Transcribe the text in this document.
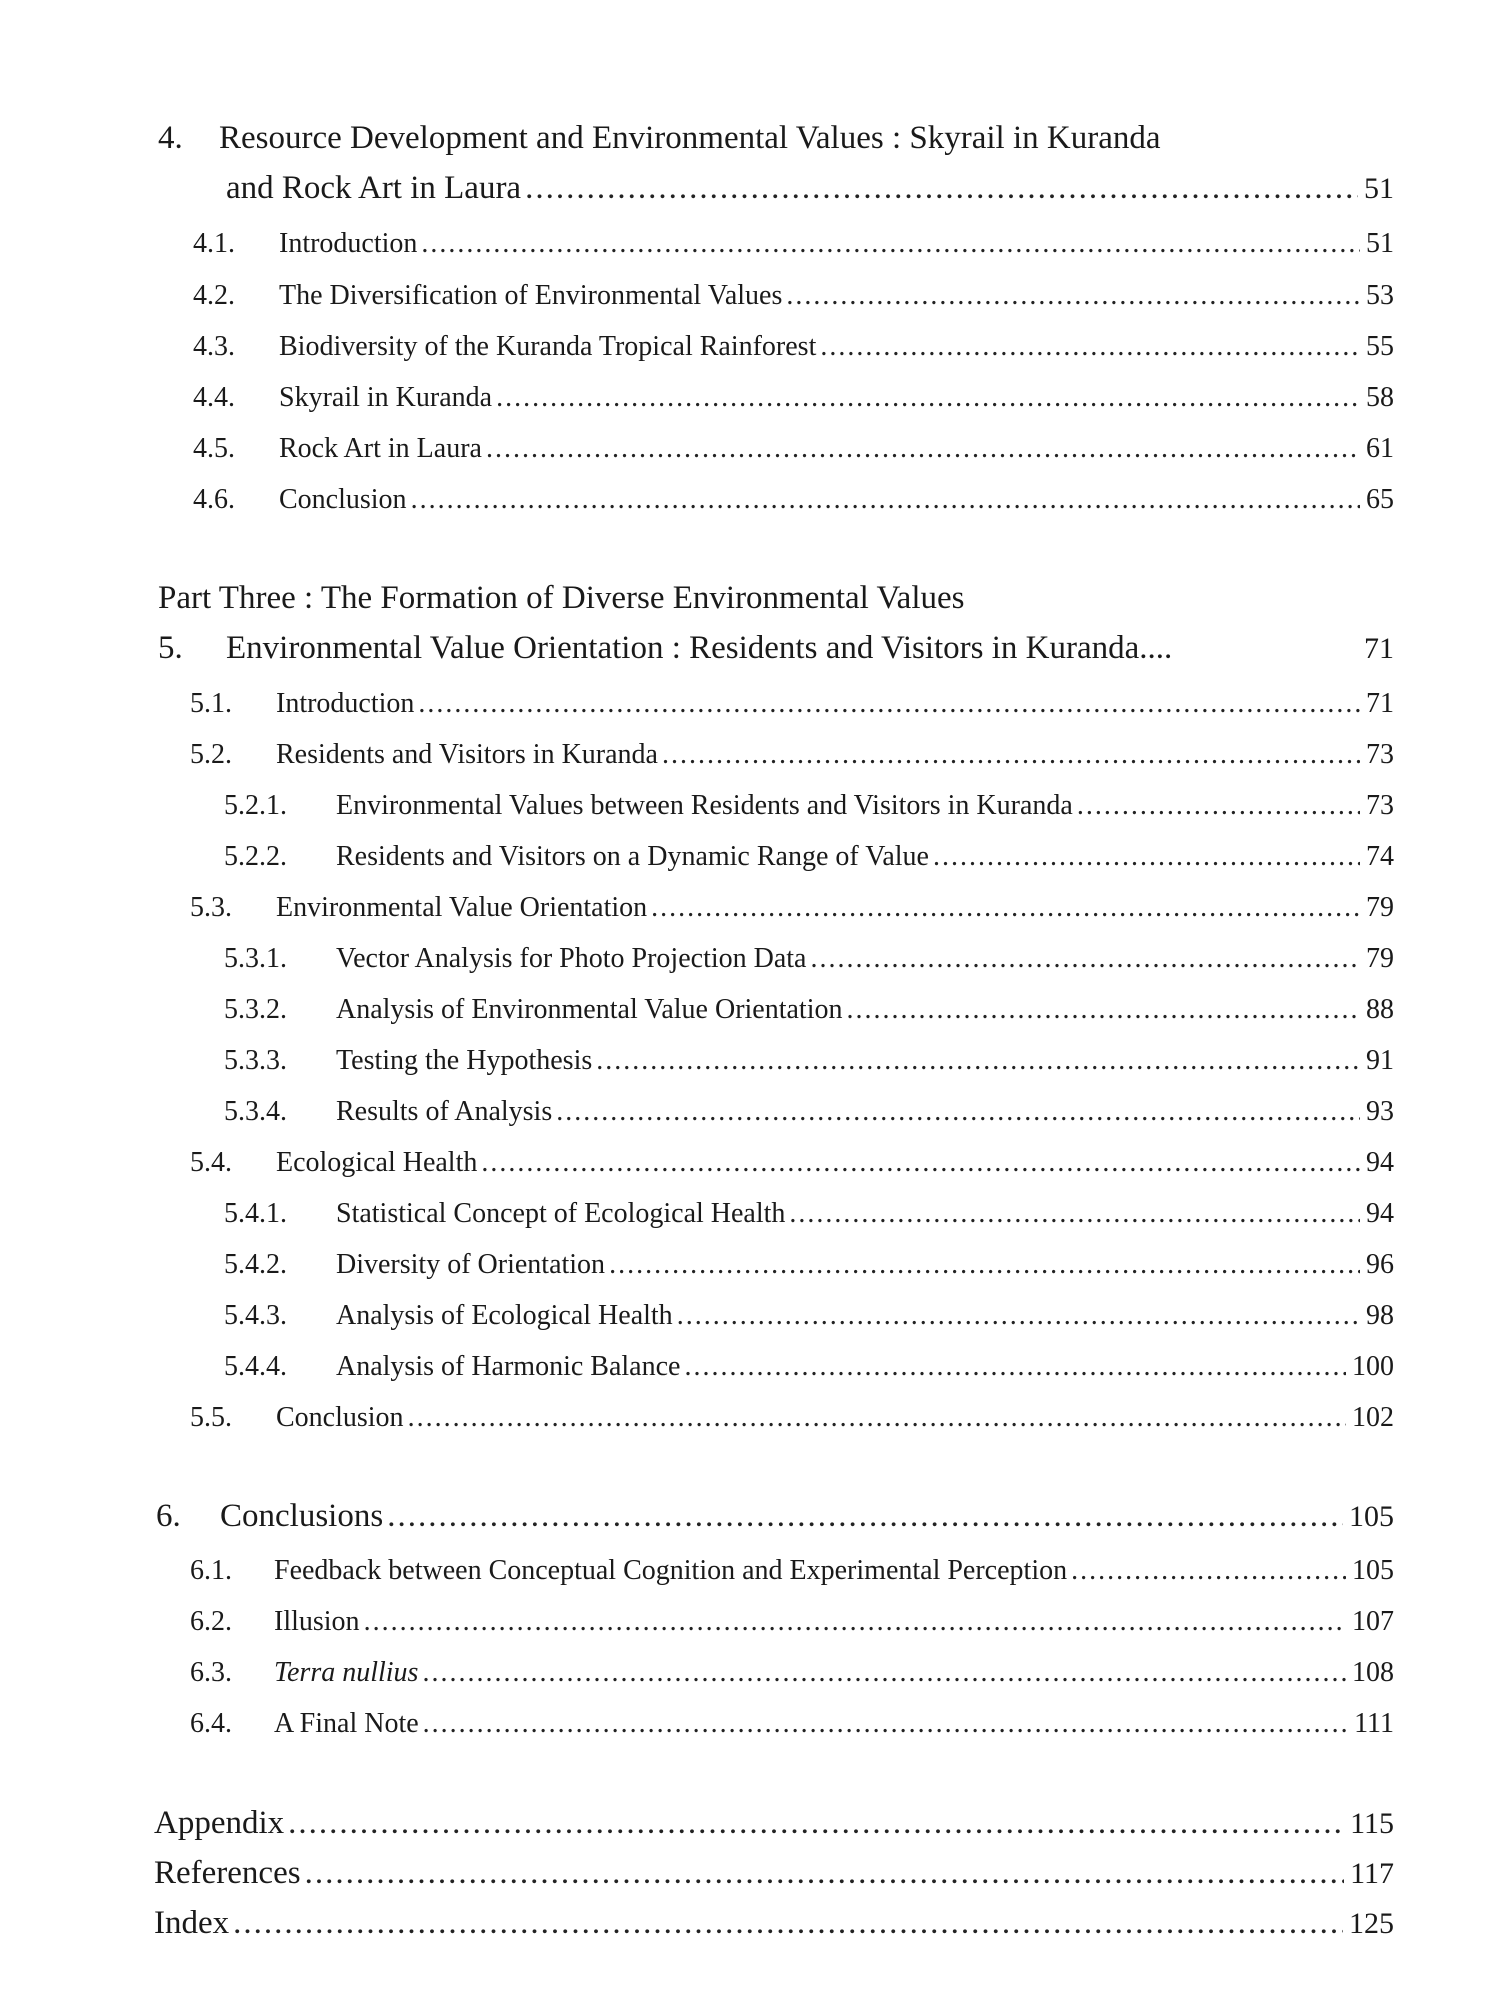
4. Resource Development and Environmental Values : Skyrail in Kuranda
and Rock Art in Laura .....	51
4.1.	Introduction .....	51
4.2.	The Diversification of Environmental Values .....	53
4.3.	Biodiversity of the Kuranda Tropical Rainforest .....	55
4.4.	Skyrail in Kuranda .....	58
4.5.	Rock Art in Laura .....	61
4.6.	Conclusion .....	65
Part Three : The Formation of Diverse Environmental Values
5.	Environmental Value Orientation : Residents and Visitors in Kuranda....	71
5.1.	Introduction .....	71
5.2.	Residents and Visitors in Kuranda .....	73
5.2.1.	Environmental Values between Residents and Visitors in Kuranda .....	73
5.2.2.	Residents and Visitors on a Dynamic Range of Value .....	74
5.3.	Environmental Value Orientation .....	79
5.3.1.	Vector Analysis for Photo Projection Data .....	79
5.3.2.	Analysis of Environmental Value Orientation .....	88
5.3.3.	Testing the Hypothesis .....	91
5.3.4.	Results of Analysis .....	93
5.4.	Ecological Health .....	94
5.4.1.	Statistical Concept of Ecological Health .....	94
5.4.2.	Diversity of Orientation .....	96
5.4.3.	Analysis of Ecological Health .....	98
5.4.4.	Analysis of Harmonic Balance .....	100
5.5.	Conclusion .....	102
6.	Conclusions .....	105
6.1.	Feedback between Conceptual Cognition and Experimental Perception .....	105
6.2.	Illusion .....	107
6.3.	Terra nullius .....	108
6.4.	A Final Note .....	111
Appendix .....	115
References .....	117
Index .....	125
